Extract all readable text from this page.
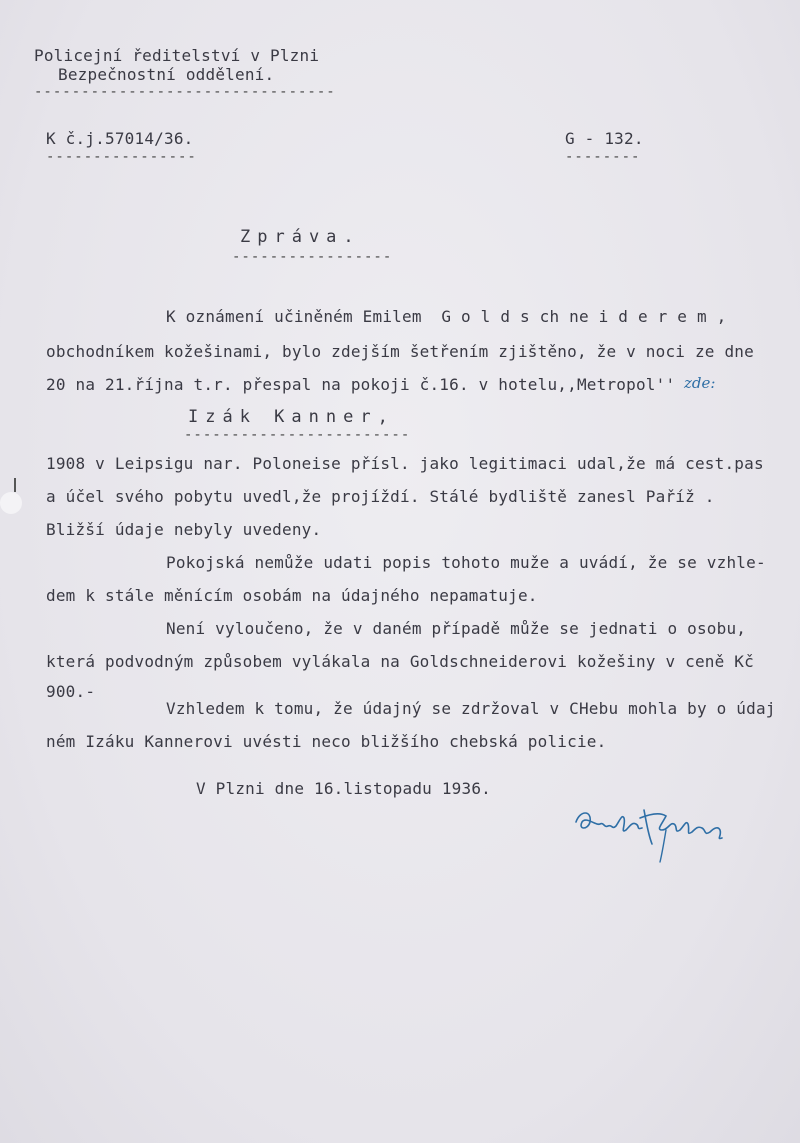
Policejní ředitelství v Plzni
Bezpečnostní oddělení.
--------------------------------
K č.j.57014/36.
----------------
G - 132.
--------
Zpráva.
-----------------
K oznámení učiněném Emilem  G o l d s ch ne i d e r e m ,
obchodníkem kožešinami, bylo zdejším šetřením zjištěno, že v noci ze dne
20 na 21.října t.r. přespal na pokoji č.16. v hotelu,,Metropol'' zde:
Izák Kanner,
------------------------
1908 v Leipsigu nar. Poloneise přísl. jako legitimaci udal,že má cest.pas
a účel svého pobytu uvedl,že projíždí. Stálé bydliště zanesl Paříž .
Bližší údaje nebyly uvedeny.
Pokojská nemůže udati popis tohoto muže a uvádí, že se vzhle-
dem k stále měnícím osobám na údajného nepamatuje.
Není vyloučeno, že v daném případě může se jednati o osobu,
která podvodným způsobem vylákala na Goldschneiderovi kožešiny v ceně Kč
900.-
Vzhledem k tomu, že údajný se zdržoval v CHebu mohla by o údaj
ném Izáku Kannerovi uvésti neco bližšího chebská policie.
V Plzni dne 16.listopadu 1936.
